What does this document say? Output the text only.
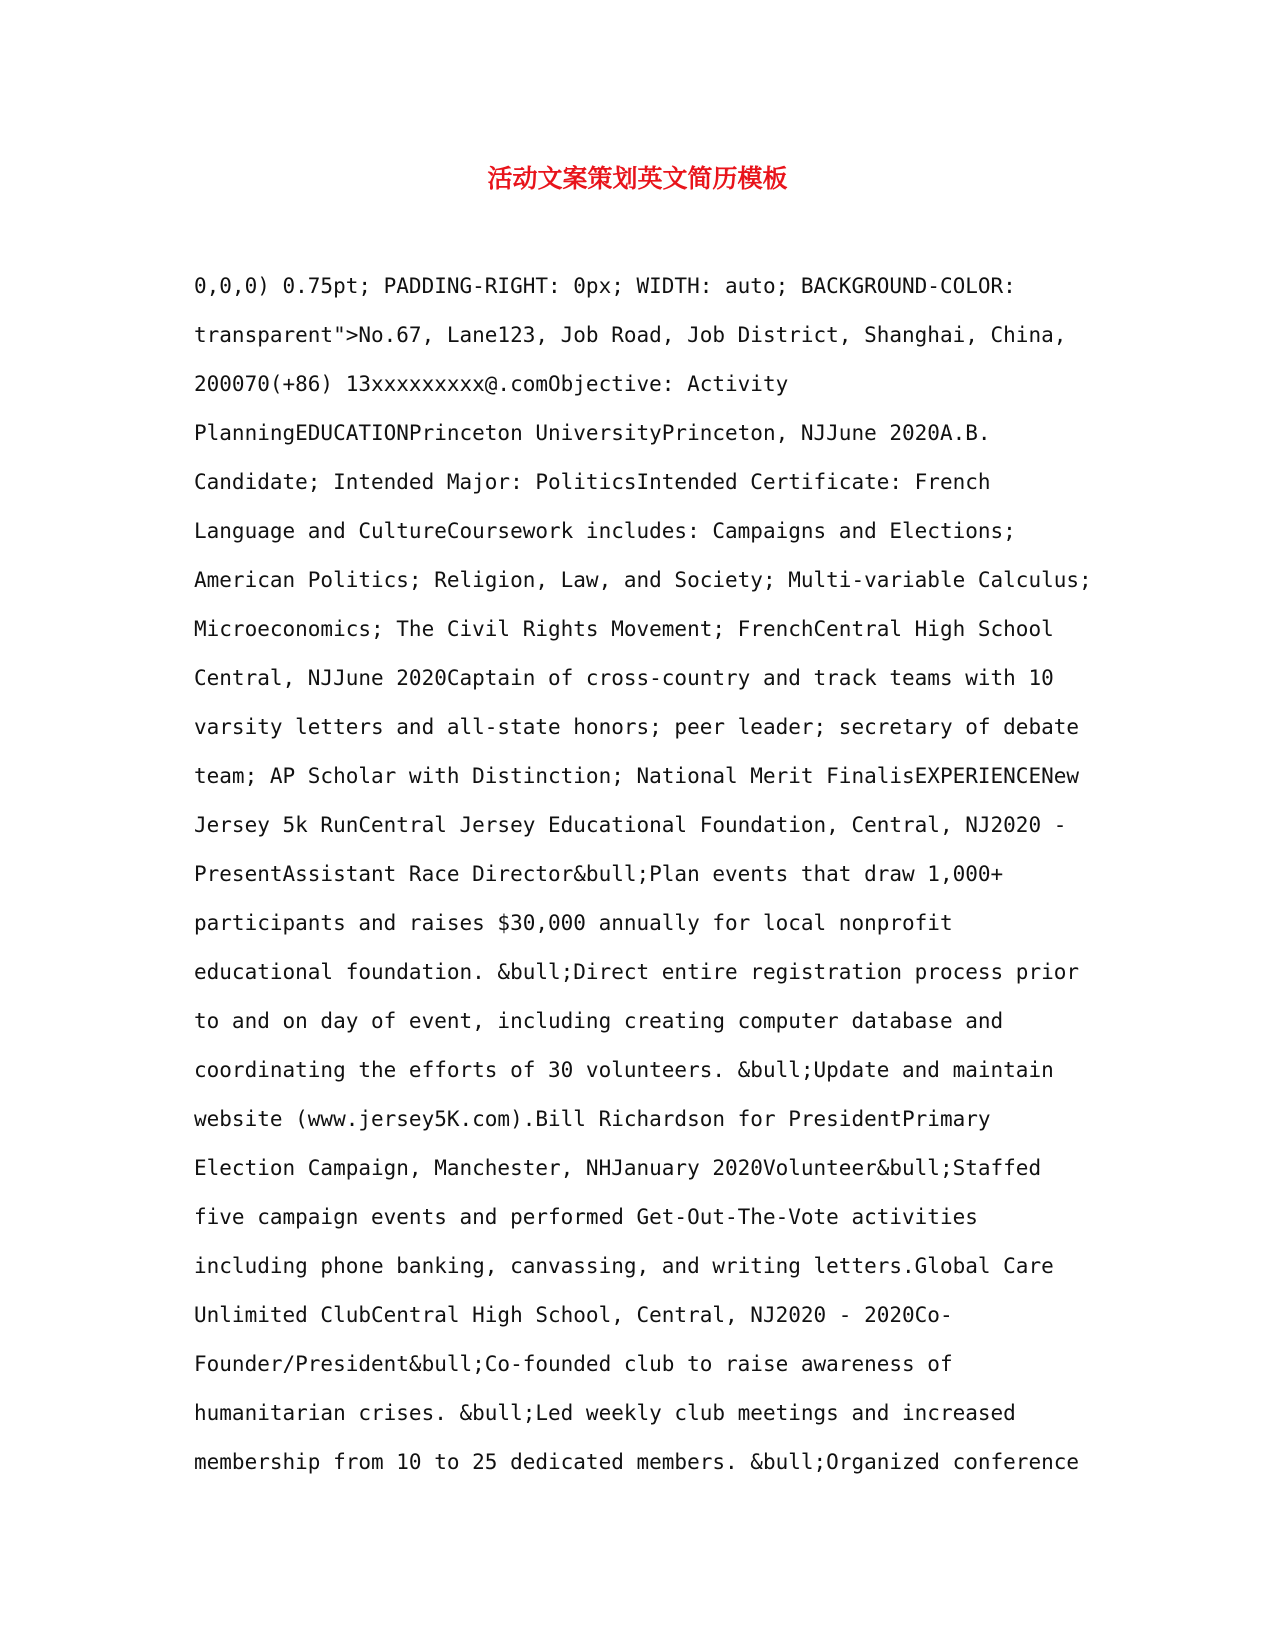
活动文案策划英文简历模板
0,0,0) 0.75pt; PADDING-RIGHT: 0px; WIDTH: auto; BACKGROUND-COLOR:
transparent">No.67, Lane123, Job Road, Job District, Shanghai, China,
200070(+86) 13xxxxxxxxx@.comObjective: Activity
PlanningEDUCATIONPrinceton UniversityPrinceton, NJJune 2020A.B.
Candidate; Intended Major: PoliticsIntended Certificate: French
Language and CultureCoursework includes: Campaigns and Elections;
American Politics; Religion, Law, and Society; Multi-variable Calculus;
Microeconomics; The Civil Rights Movement; FrenchCentral High School
Central, NJJune 2020Captain of cross-country and track teams with 10
varsity letters and all-state honors; peer leader; secretary of debate
team; AP Scholar with Distinction; National Merit FinalisEXPERIENCENew
Jersey 5k RunCentral Jersey Educational Foundation, Central, NJ2020 -
PresentAssistant Race Director&bull;Plan events that draw 1,000+
participants and raises $30,000 annually for local nonprofit
educational foundation. &bull;Direct entire registration process prior
to and on day of event, including creating computer database and
coordinating the efforts of 30 volunteers. &bull;Update and maintain
website (www.jersey5K.com).Bill Richardson for PresidentPrimary
Election Campaign, Manchester, NHJanuary 2020Volunteer&bull;Staffed
five campaign events and performed Get-Out-The-Vote activities
including phone banking, canvassing, and writing letters.Global Care
Unlimited ClubCentral High School, Central, NJ2020 - 2020Co-
Founder/President&bull;Co-founded club to raise awareness of
humanitarian crises. &bull;Led weekly club meetings and increased
membership from 10 to 25 dedicated members. &bull;Organized conference
